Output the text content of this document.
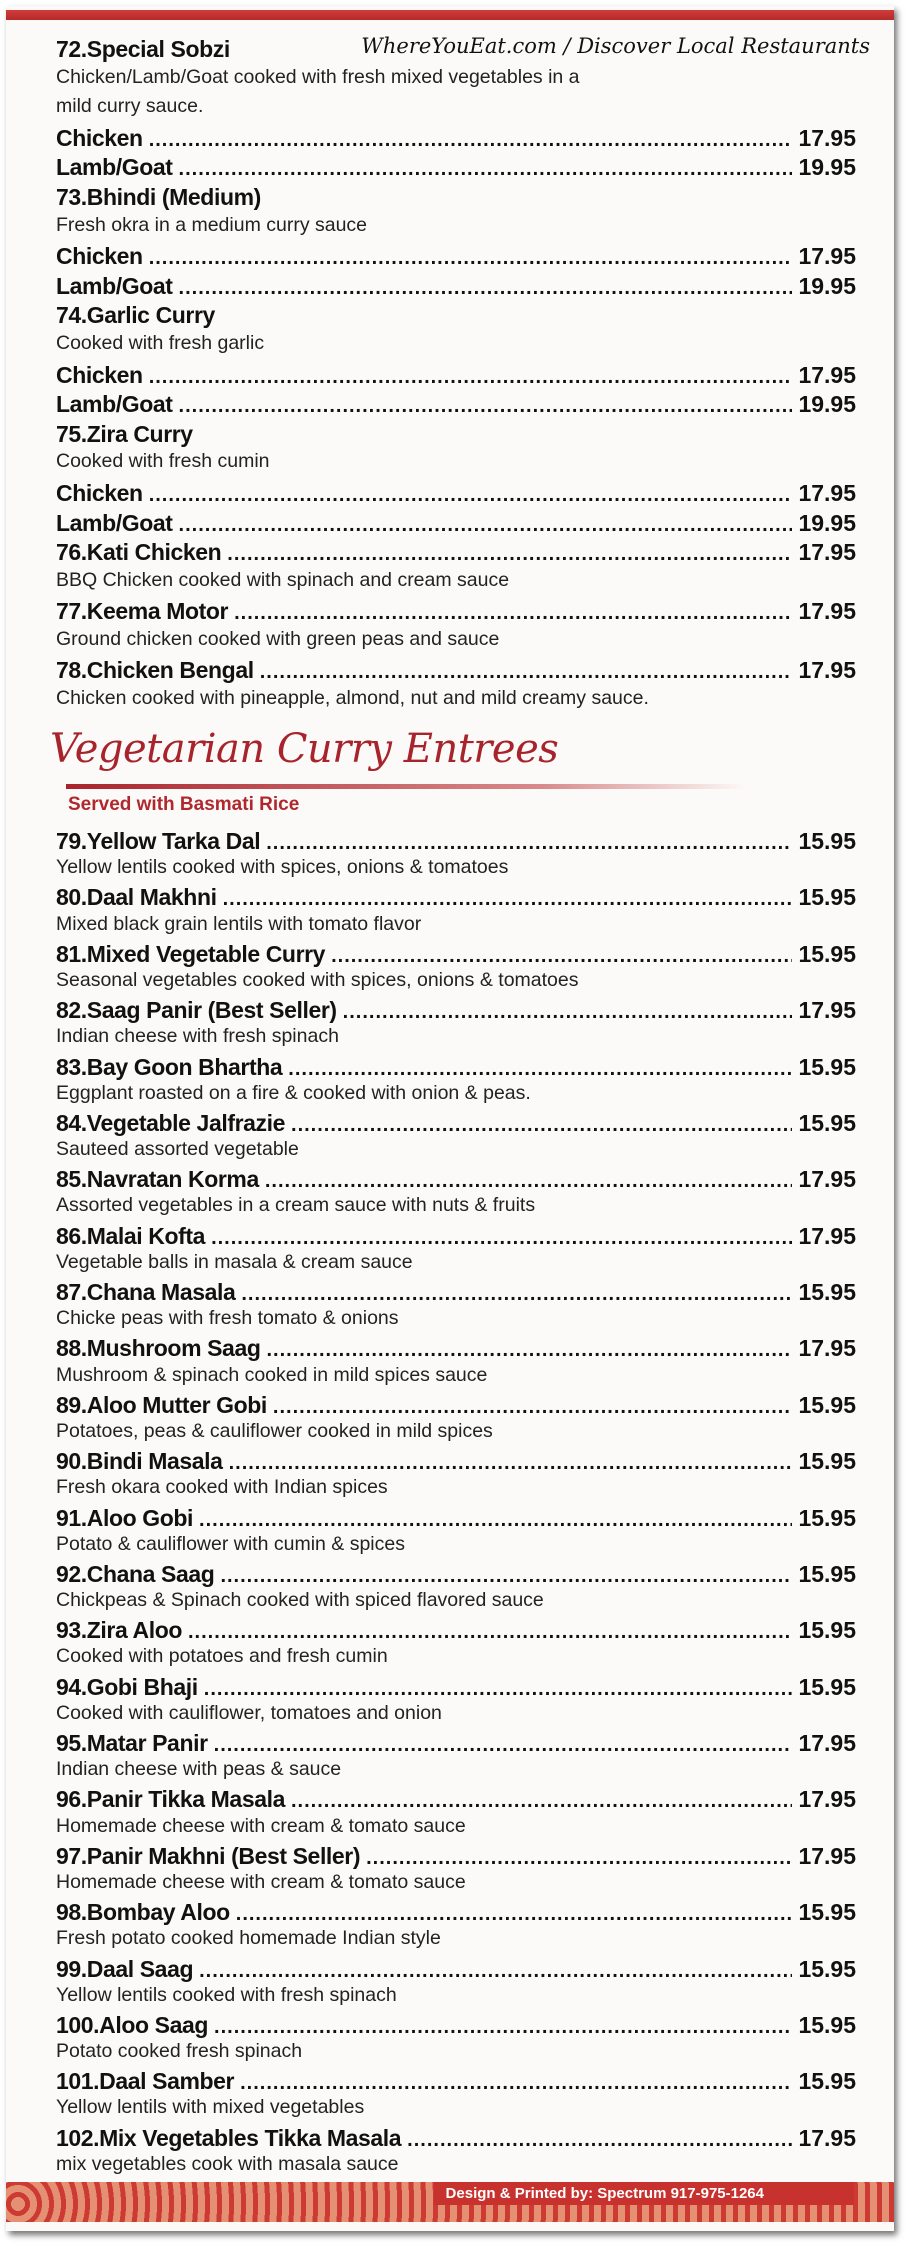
WhereYouEat.com / Discover Local Restaurants
72.Special Sobzi
Chicken/Lamb/Goat cooked with fresh mixed vegetables in a
mild curry sauce.
Chicken .....	17.95
Lamb/Goat .....	19.95
73.Bhindi (Medium)
Fresh okra in a medium curry sauce
Chicken .....	17.95
Lamb/Goat .....	19.95
74.Garlic Curry
Cooked with fresh garlic
Chicken .....	17.95
Lamb/Goat .....	19.95
75.Zira Curry
Cooked with fresh cumin
Chicken .....	17.95
Lamb/Goat .....	19.95
76.Kati Chicken .....	17.95
BBQ Chicken cooked with spinach and cream sauce
77.Keema Motor .....	17.95
Ground chicken cooked with green peas and sauce
78.Chicken Bengal .....	17.95
Chicken cooked with pineapple, almond, nut and mild creamy sauce.
Vegetarian Curry Entrees
Served with Basmati Rice
79.Yellow Tarka Dal .....	15.95
Yellow lentils cooked with spices, onions & tomatoes
80.Daal Makhni .....	15.95
Mixed black grain lentils with tomato flavor
81.Mixed Vegetable Curry .....	15.95
Seasonal vegetables cooked with spices, onions & tomatoes
82.Saag Panir (Best Seller) .....	17.95
Indian cheese with fresh spinach
83.Bay Goon Bhartha .....	15.95
Eggplant roasted on a fire & cooked with onion & peas.
84.Vegetable Jalfrazie .....	15.95
Sauteed assorted vegetable
85.Navratan Korma .....	17.95
Assorted vegetables in a cream sauce with nuts & fruits
86.Malai Kofta .....	17.95
Vegetable balls in masala & cream sauce
87.Chana Masala .....	15.95
Chicke peas with fresh tomato & onions
88.Mushroom Saag .....	17.95
Mushroom & spinach cooked in mild spices sauce
89.Aloo Mutter Gobi .....	15.95
Potatoes, peas & cauliflower cooked in mild spices
90.Bindi Masala .....	15.95
Fresh okara cooked with Indian spices
91.Aloo Gobi .....	15.95
Potato & cauliflower with cumin & spices
92.Chana Saag .....	15.95
Chickpeas & Spinach cooked with spiced flavored sauce
93.Zira Aloo .....	15.95
Cooked with potatoes and fresh cumin
94.Gobi Bhaji .....	15.95
Cooked with cauliflower, tomatoes and onion
95.Matar Panir .....	17.95
Indian cheese with peas & sauce
96.Panir Tikka Masala .....	17.95
Homemade cheese with cream & tomato sauce
97.Panir Makhni (Best Seller) .....	17.95
Homemade cheese with cream & tomato sauce
98.Bombay Aloo .....	15.95
Fresh potato cooked homemade Indian style
99.Daal Saag .....	15.95
Yellow lentils cooked with fresh spinach
100.Aloo Saag .....	15.95
Potato cooked fresh spinach
101.Daal Samber .....	15.95
Yellow lentils with mixed vegetables
102.Mix Vegetables Tikka Masala .....	17.95
mix vegetables cook with masala sauce
Design & Printed by: Spectrum 917-975-1264
